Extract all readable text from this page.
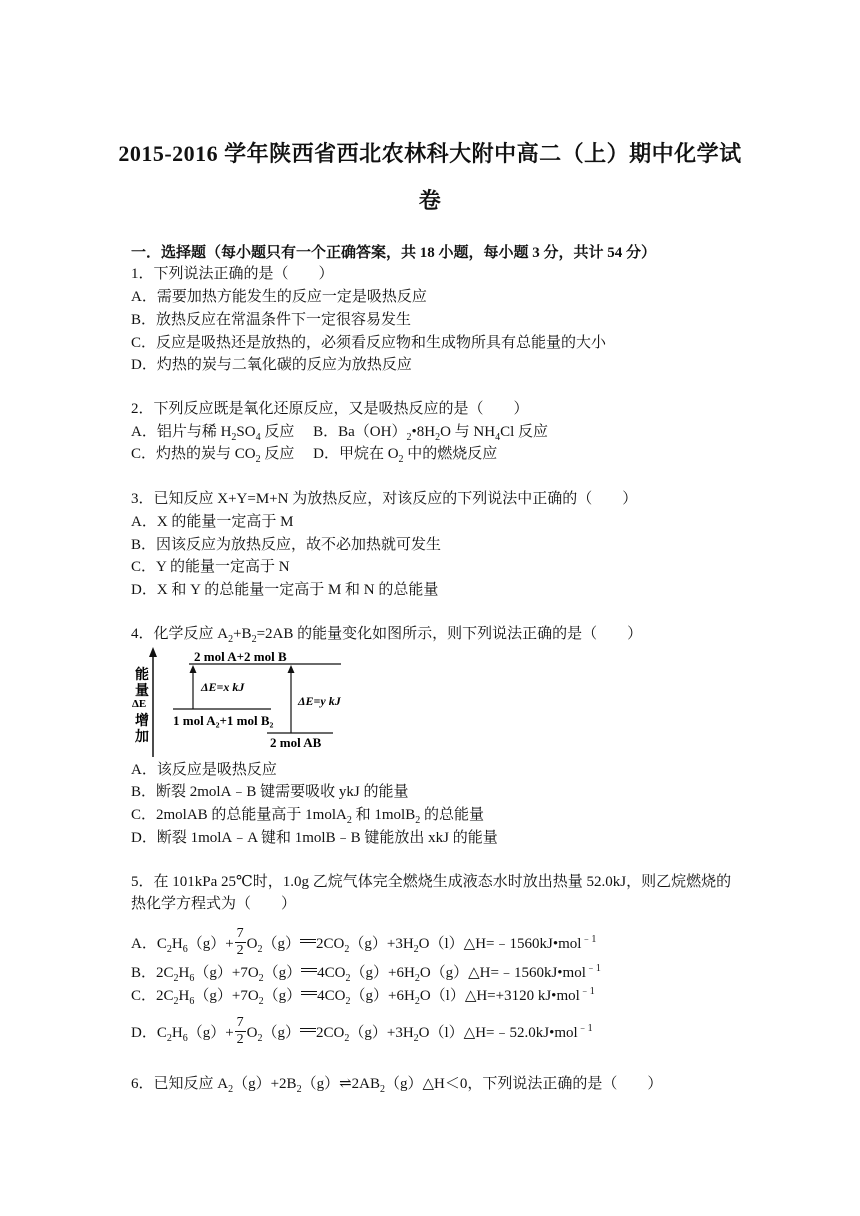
2015-2016 学年陕西省西北农林科大附中高二（上）期中化学试
卷
一．选择题（每小题只有一个正确答案，共 18 小题，每小题 3 分，共计 54 分）
1．下列说法正确的是（　　）
A．需要加热方能发生的反应一定是吸热反应
B．放热反应在常温条件下一定很容易发生
C．反应是吸热还是放热的，必须看反应物和生成物所具有总能量的大小
D．灼热的炭与二氧化碳的反应为放热反应
2．下列反应既是氧化还原反应，又是吸热反应的是（　　）
A．铝片与稀 $H_2SO_4$ 反应　 B．$Ba(OH)_2•8H_2O$ 与 $NH_4Cl$ 反应
C．灼热的炭与 $CO_2$ 反应　 D．甲烷在 $O_2$ 中的燃烧反应
3．已知反应 X+Y=M+N 为放热反应，对该反应的下列说法中正确的（　　）
A．X 的能量一定高于 M
B．因该反应为放热反应，故不必加热就可发生
C．Y 的能量一定高于 N
D．X 和 Y 的总能量一定高于 M 和 N 的总能量
4．化学反应 $A_2+B_2=2AB$ 的能量变化如图所示，则下列说法正确的是（　　）
能
量
ΔE
增
加
2 mol A+2 mol B
1 mol A₂+1 mol B₂
2 mol AB
ΔE=x kJ
ΔE=y kJ
A．该反应是吸热反应
B．断裂 2molA﹣B 键需要吸收 ykJ 的能量
C．2molAB 的总能量高于 1molA$_2$ 和 1molB$_2$ 的总能量
D．断裂 1molA﹣A 键和 1molB﹣B 键能放出 xkJ 的能量
5．在 101kPa 25℃时，1.0g 乙烷气体完全燃烧生成液态水时放出热量 52.0kJ，则乙烷燃烧的
热化学方程式为（　　）
A．$C_2H_6(g)+ \frac{7}{2} O_2(g)$ $2CO_2(g)+3H_2O(l)\triangle H=﹣1560kJ•mol^{﹣1}$
B．$2C_2H_6(g)+7O_2(g)$ $4CO_2(g)+6H_2O(g)\triangle H=﹣1560kJ•mol^{﹣1}$
C．$2C_2H_6(g)+7O_2(g)$ $4CO_2(g)+6H_2O(l)\triangle H=+3120$ kJ•mol$^{﹣1}$
D．$C_2H_6(g)+ \frac{7}{2} O_2(g)$ $2CO_2(g)+3H_2O(l)\triangle H=﹣52.0kJ•mol^{﹣1}$
6．已知反应 $A_2(g)+2B_2(g)\rightleftharpoons 2AB_2(g)\triangle H<0$，下列说法正确的是（　　）
